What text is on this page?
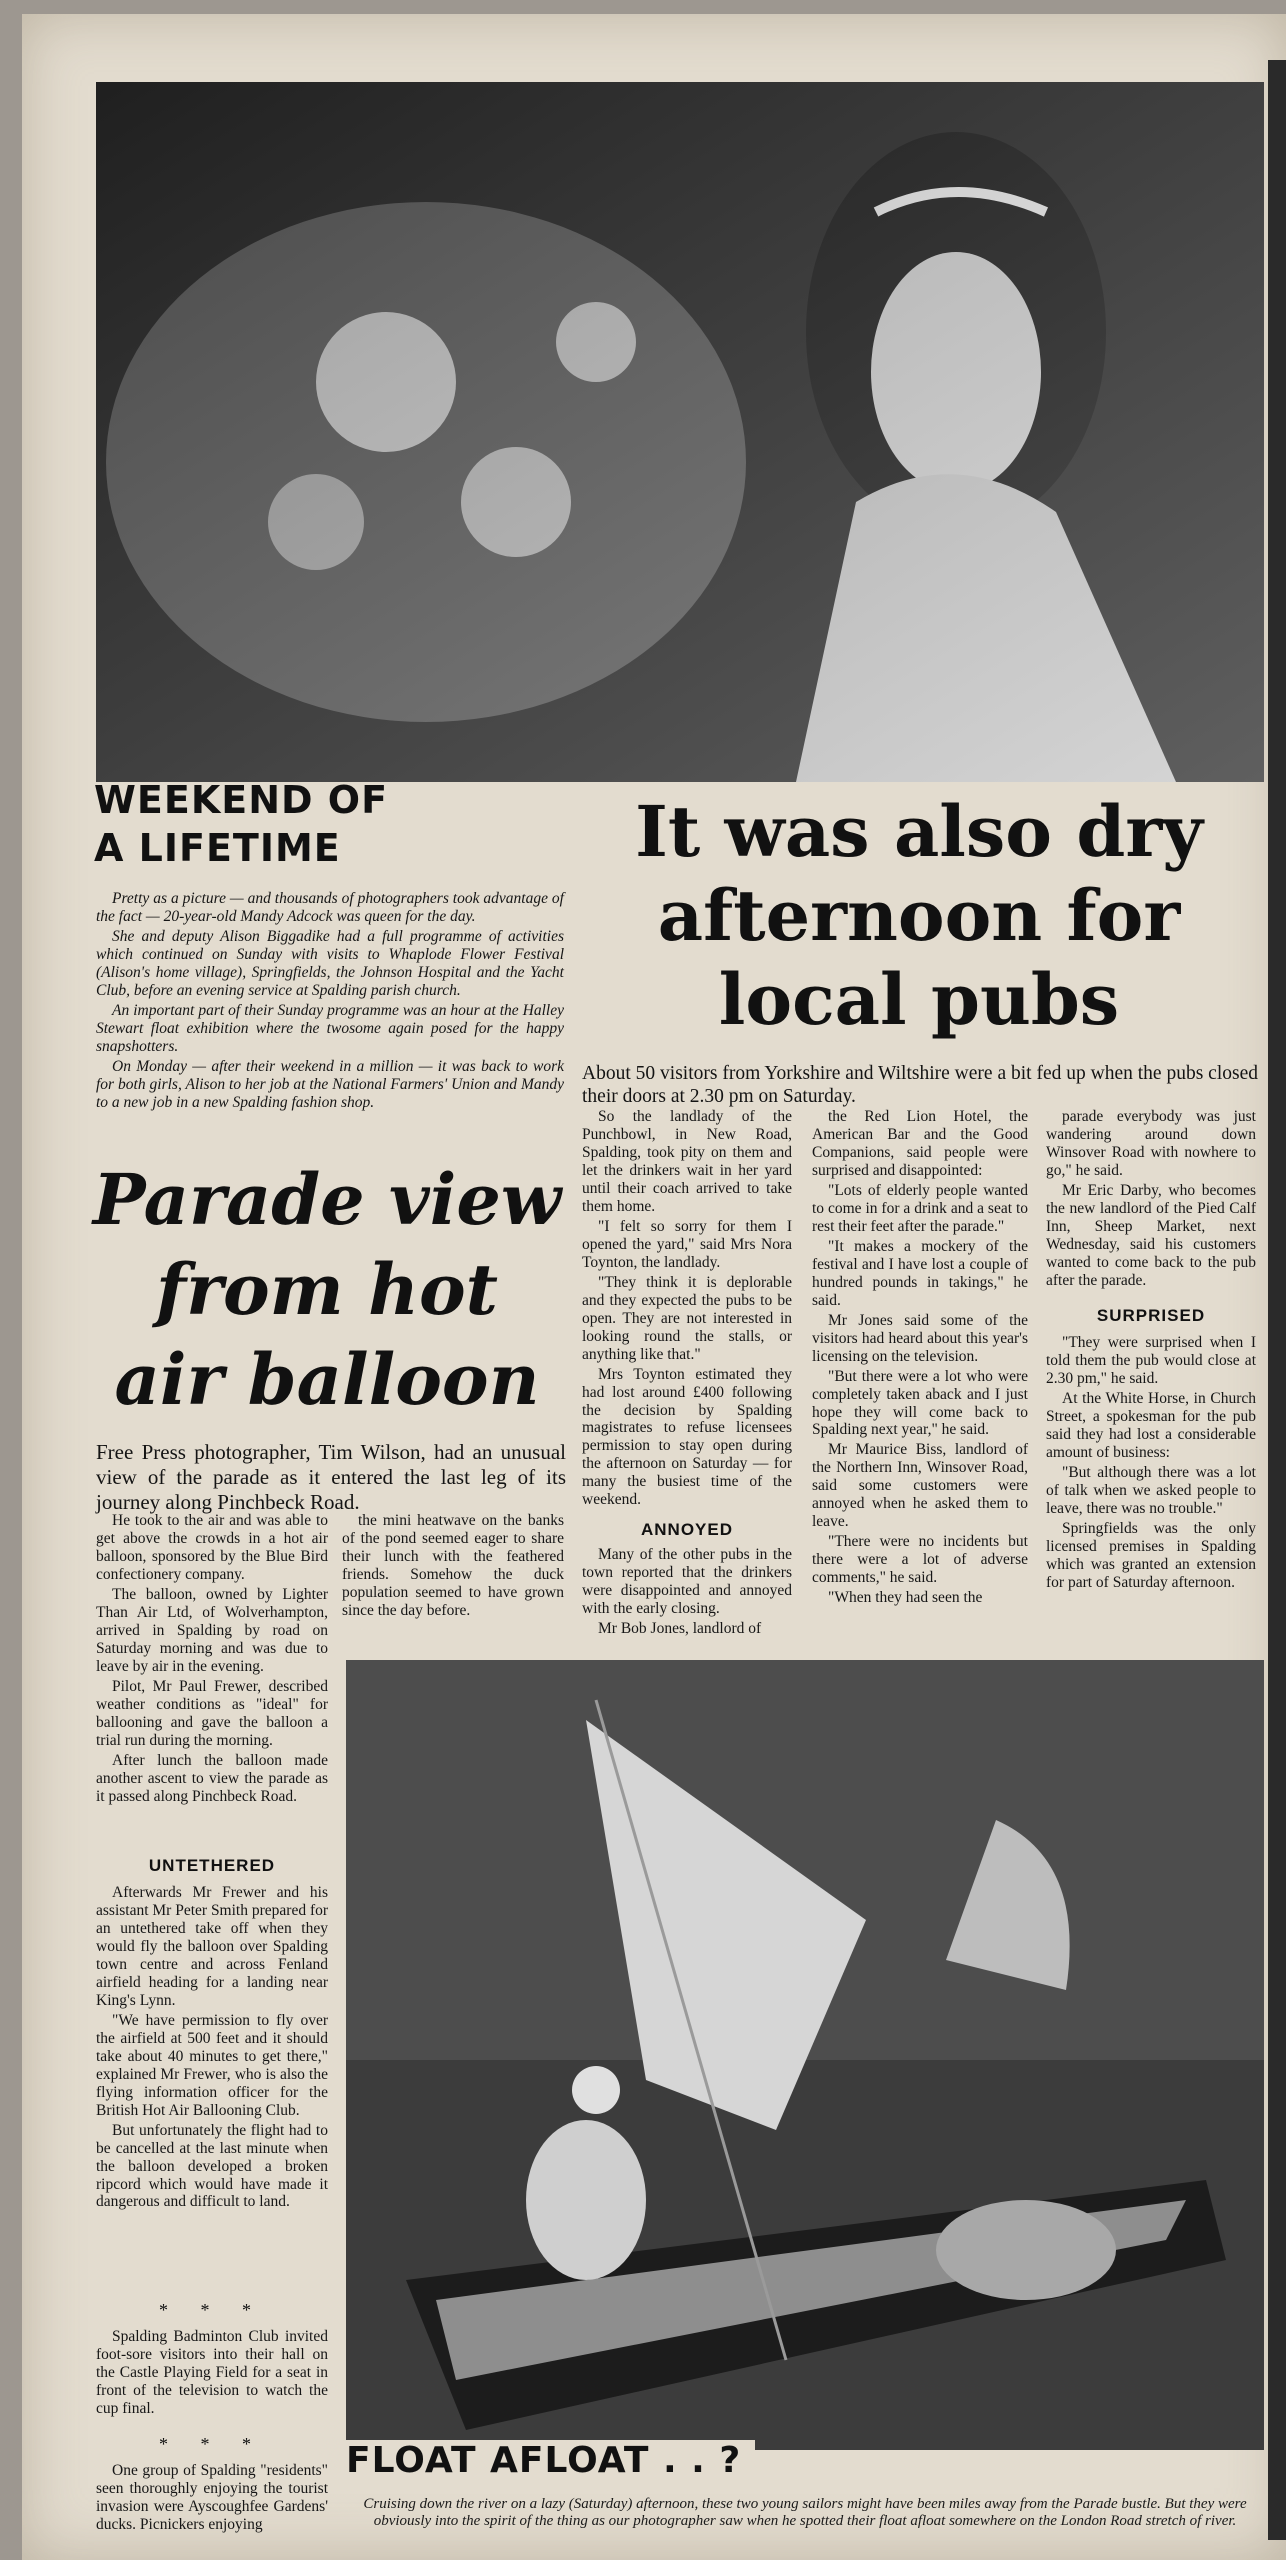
WEEKEND OF
A LIFETIME

Pretty as a picture — and thousands of photographers took advantage of the fact — 20-year-old Mandy Adcock was queen for the day.

She and deputy Alison Biggadike had a full programme of activities which continued on Sunday with visits to Whaplode Flower Festival (Alison's home village), Springfields, the Johnson Hospital and the Yacht Club, before an evening service at Spalding parish church.

An important part of their Sunday programme was an hour at the Halley Stewart float exhibition where the twosome again posed for the happy snapshotters.

On Monday — after their weekend in a million — it was back to work for both girls, Alison to her job at the National Farmers' Union and Mandy to a new job in a new Spalding fashion shop.

It was also dry
afternoon for
local pubs
About 50 visitors from Yorkshire and Wiltshire were a bit fed up when the pubs closed their doors at 2.30 pm on Saturday.

So the landlady of the Punchbowl, in New Road, Spalding, took pity on them and let the drinkers wait in her yard until their coach arrived to take them home.

"I felt so sorry for them I opened the yard," said Mrs Nora Toynton, the landlady.

"They think it is deplorable and they expected the pubs to be open. They are not interested in looking round the stalls, or anything like that."

Mrs Toynton estimated they had lost around £400 following the decision by Spalding magistrates to refuse licensees permission to stay open during the afternoon on Saturday — for many the busiest time of the weekend.

ANNOYED

Many of the other pubs in the town reported that the drinkers were disappointed and annoyed with the early closing.

Mr Bob Jones, landlord of

the Red Lion Hotel, the American Bar and the Good Companions, said people were surprised and disappointed:

"Lots of elderly people wanted to come in for a drink and a seat to rest their feet after the parade."

"It makes a mockery of the festival and I have lost a couple of hundred pounds in takings," he said.

Mr Jones said some of the visitors had heard about this year's licensing on the television.

"But there were a lot who were completely taken aback and I just hope they will come back to Spalding next year," he said.

Mr Maurice Biss, landlord of the Northern Inn, Winsover Road, said some customers were annoyed when he asked them to leave.

"There were no incidents but there were a lot of adverse comments," he said.

"When they had seen the

parade everybody was just wandering around down Winsover Road with nowhere to go," he said.

Mr Eric Darby, who becomes the new landlord of the Pied Calf Inn, Sheep Market, next Wednesday, said his customers wanted to come back to the pub after the parade.

SURPRISED

"They were surprised when I told them the pub would close at 2.30 pm," he said.

At the White Horse, in Church Street, a spokesman for the pub said they had lost a considerable amount of business:

"But although there was a lot of talk when we asked people to leave, there was no trouble."

Springfields was the only licensed premises in Spalding which was granted an extension for part of Saturday afternoon.

Parade view
from hot
air balloon
Free Press photographer, Tim Wilson, had an unusual view of the parade as it entered the last leg of its journey along Pinchbeck Road.

He took to the air and was able to get above the crowds in a hot air balloon, sponsored by the Blue Bird confectionery company.

The balloon, owned by Lighter Than Air Ltd, of Wolverhampton, arrived in Spalding by road on Saturday morning and was due to leave by air in the evening.

Pilot, Mr Paul Frewer, described weather conditions as "ideal" for ballooning and gave the balloon a trial run during the morning.

After lunch the balloon made another ascent to view the parade as it passed along Pinchbeck Road.

UNTETHERED

Afterwards Mr Frewer and his assistant Mr Peter Smith prepared for an untethered take off when they would fly the balloon over Spalding town centre and across Fenland airfield heading for a landing near King's Lynn.

"We have permission to fly over the airfield at 500 feet and it should take about 40 minutes to get there," explained Mr Frewer, who is also the flying information officer for the British Hot Air Ballooning Club.

But unfortunately the flight had to be cancelled at the last minute when the balloon developed a broken ripcord which would have made it dangerous and difficult to land.

* * *

Spalding Badminton Club invited foot-sore visitors into their hall on the Castle Playing Field for a seat in front of the television to watch the cup final.

* * *

One group of Spalding "residents" seen thoroughly enjoying the tourist invasion were Ayscoughfee Gardens' ducks. Picnickers enjoying

the mini heatwave on the banks of the pond seemed eager to share their lunch with the feathered friends. Somehow the duck population seemed to have grown since the day before.

FLOAT AFLOAT . . ?
Cruising down the river on a lazy (Saturday) afternoon, these two young sailors might have been miles away from the Parade bustle. But they were obviously into the spirit of the thing as our photographer saw when he spotted their float afloat somewhere on the London Road stretch of river.
